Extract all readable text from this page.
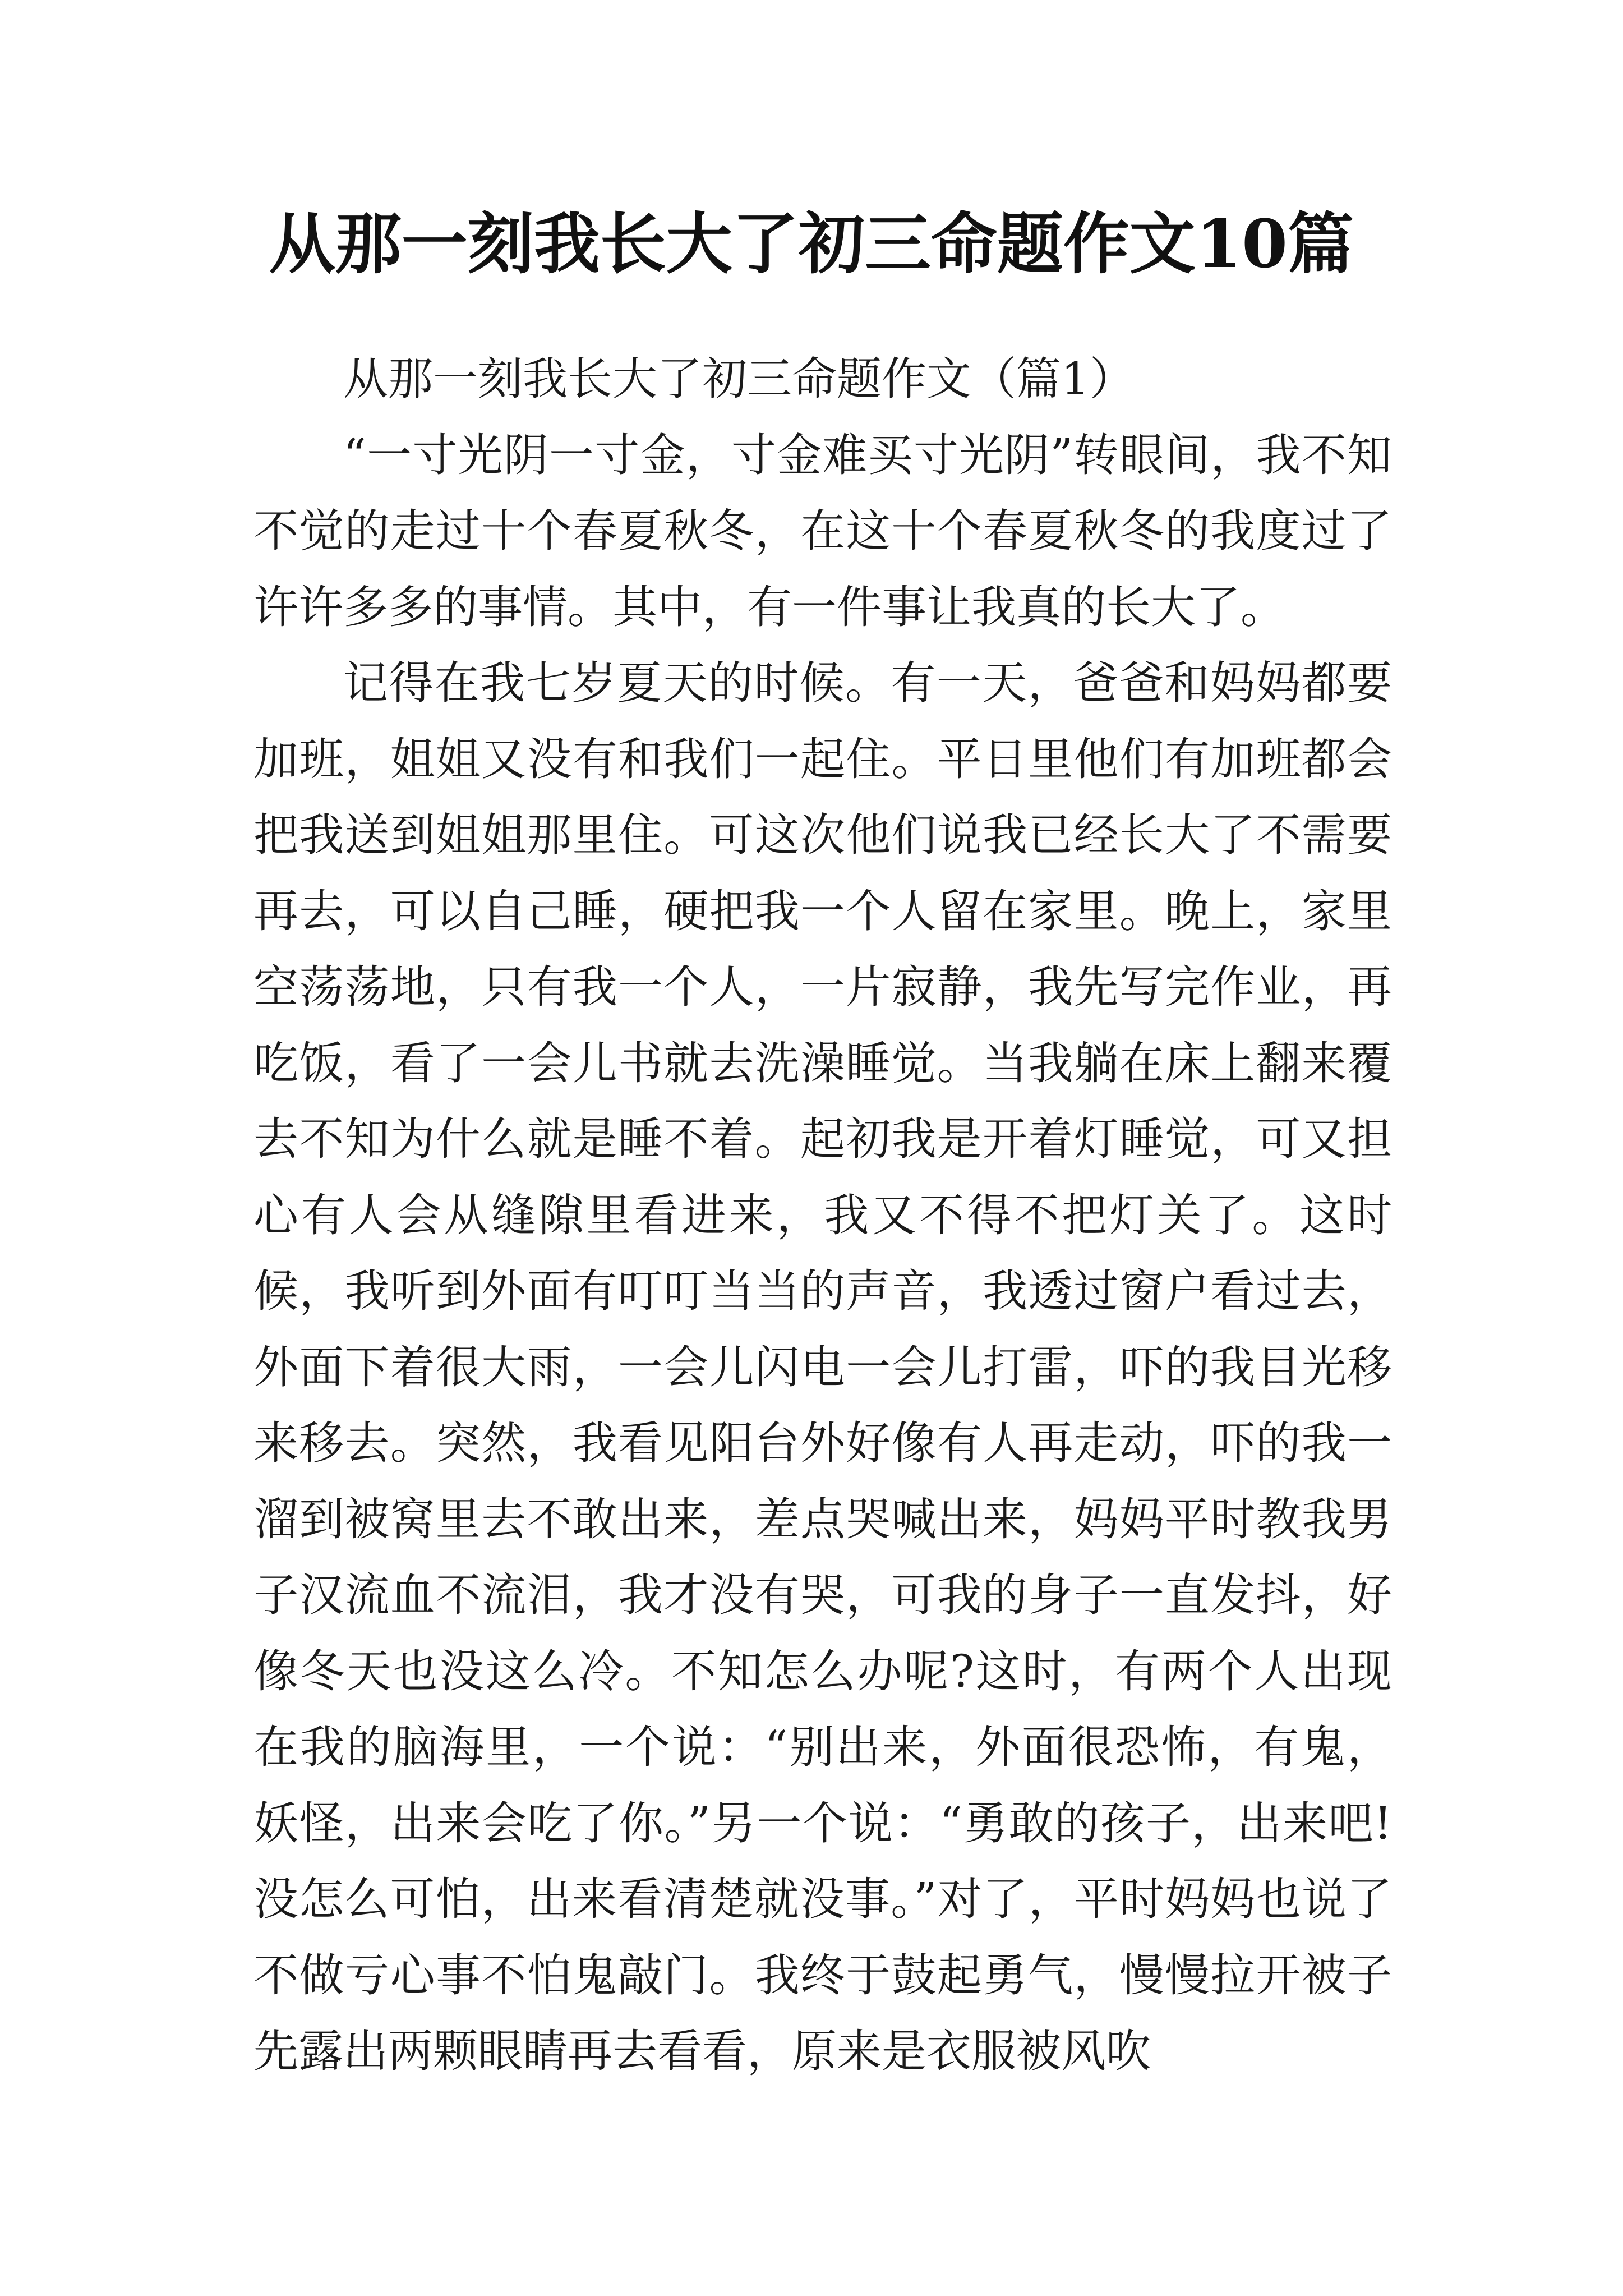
从那一刻我长大了初三命题作文10篇

从那一刻我长大了初三命题作文（篇1）

“一寸光阴一寸金，寸金难买寸光阴”转眼间，我不知不觉的走过十个春夏秋冬，在这十个春夏秋冬的我度过了许许多多的事情。其中，有一件事让我真的长大了。

记得在我七岁夏天的时候。有一天，爸爸和妈妈都要加班，姐姐又没有和我们一起住。平日里他们有加班都会把我送到姐姐那里住。可这次他们说我已经长大了不需要再去，可以自己睡，硬把我一个人留在家里。晚上，家里空荡荡地，只有我一个人，一片寂静，我先写完作业，再吃饭，看了一会儿书就去洗澡睡觉。当我躺在床上翻来覆去不知为什么就是睡不着。起初我是开着灯睡觉，可又担心有人会从缝隙里看进来，我又不得不把灯关了。这时候，我听到外面有叮叮当当的声音，我透过窗户看过去，外面下着很大雨，一会儿闪电一会儿打雷，吓的我目光移来移去。突然，我看见阳台外好像有人再走动，吓的我一溜到被窝里去不敢出来，差点哭喊出来，妈妈平时教我男子汉流血不流泪，我才没有哭，可我的身子一直发抖，好像冬天也没这么冷。不知怎么办呢?这时，有两个人出现在我的脑海里，一个说：“别出来，外面很恐怖，有鬼，妖怪，出来会吃了你。”另一个说：“勇敢的孩子，出来吧!没怎么可怕，出来看清楚就没事。”对了，平时妈妈也说了不做亏心事不怕鬼敲门。我终于鼓起勇气，慢慢拉开被子先露出两颗眼睛再去看看，原来是衣服被风吹
